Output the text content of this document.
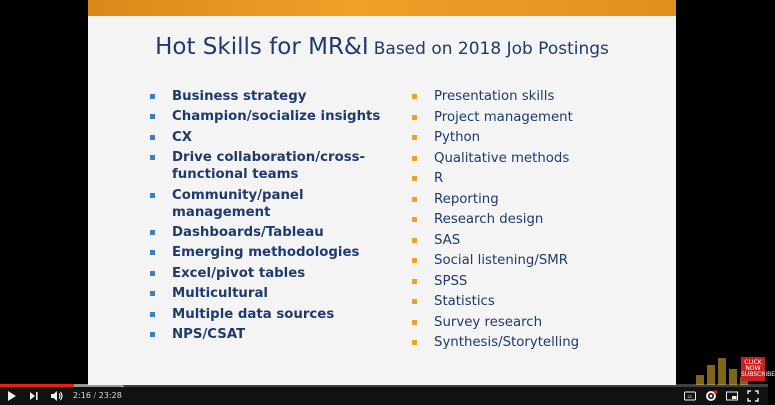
Hot Skills for MR&I Based on 2018 Job Postings
Business strategy
Champion/socialize insights
CX
Drive collaboration/cross-functional teams
Community/panel management
Dashboards/Tableau
Emerging methodologies
Excel/pivot tables
Multicultural
Multiple data sources
NPS/CSAT
Presentation skills
Project management
Python
Qualitative methods
R
Reporting
Research design
SAS
Social listening/SMR
SPSS
Statistics
Survey research
Synthesis/Storytelling
CLICK NOW SUBSCRIBE
2:16 / 23:28	cc
